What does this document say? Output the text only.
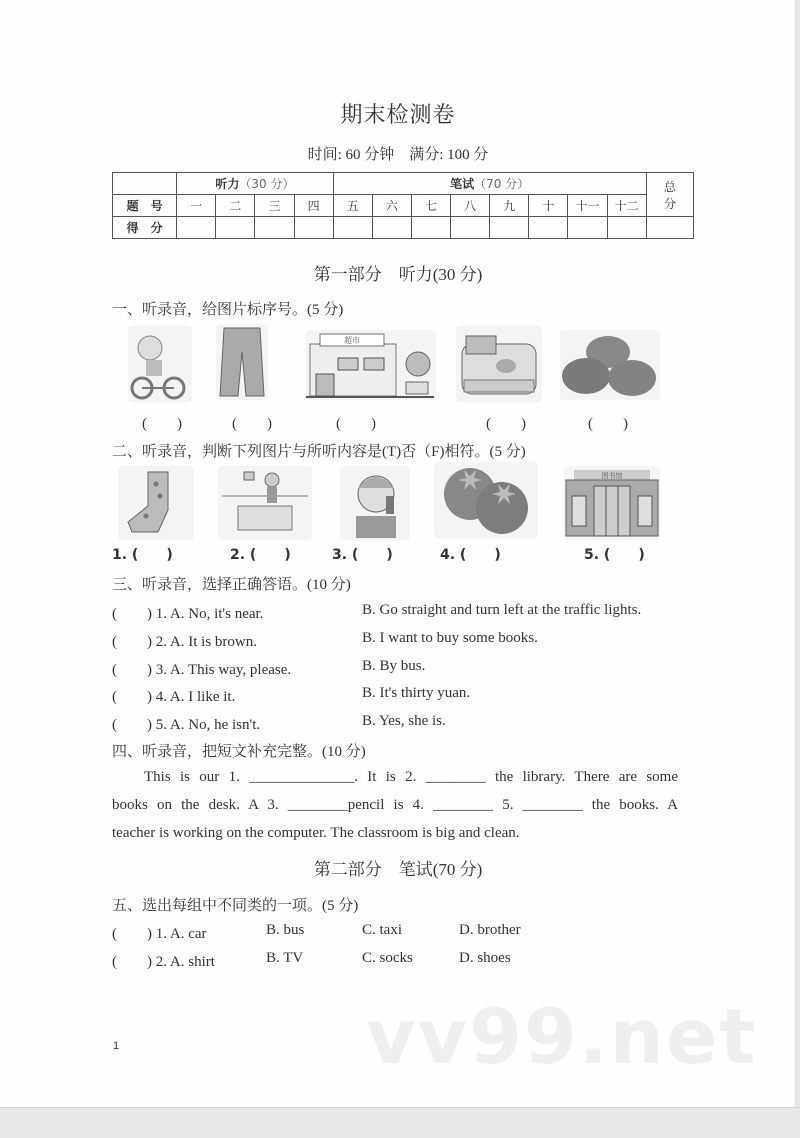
期末检测卷
时间: 60 分钟　满分: 100 分
	听力（30 分）				笔试（70 分）								总
分

题　号	一	二	三	四	五	六	七	八	九	十	十一	十二	
得　分													
第一部分　听力(30 分)
一、听录音，给图片标序号。(5 分)
超市
(　　)	(　　)	(　　)	(　　)	(　　)
二、听录音，判断下列图片与所听内容是(T)否（F)相符。(5 分)
图书馆
1. (　　)	2. (　　)	3. (　　)	4. (　　)	5. (　　)
三、听录音，选择正确答语。(10 分)
(　　) 1. A. No, it's near.	B. Go straight and turn left at the traffic lights.
(　　) 2. A. It is brown.	B. I want to buy some books.
(　　) 3. A. This way, please.	B. By bus.
(　　) 4. A. I like it.	B. It's thirty yuan.
(　　) 5. A. No, he isn't.	B. Yes, she is.
四、听录音，把短文补充完整。(10 分)
This is our 1. ______________. It is 2. ________ the library. There are some
books on the desk. A 3. ________pencil is 4. ________ 5. ________ the books. A
teacher is working on the computer. The classroom is big and clean.
第二部分　笔试(70 分)
五、选出每组中不同类的一项。(5 分)
(　　) 1. A. car	B. bus	C. taxi	D. brother
(　　) 2. A. shirt	B. TV	C. socks	D. shoes
vv99.net
1
